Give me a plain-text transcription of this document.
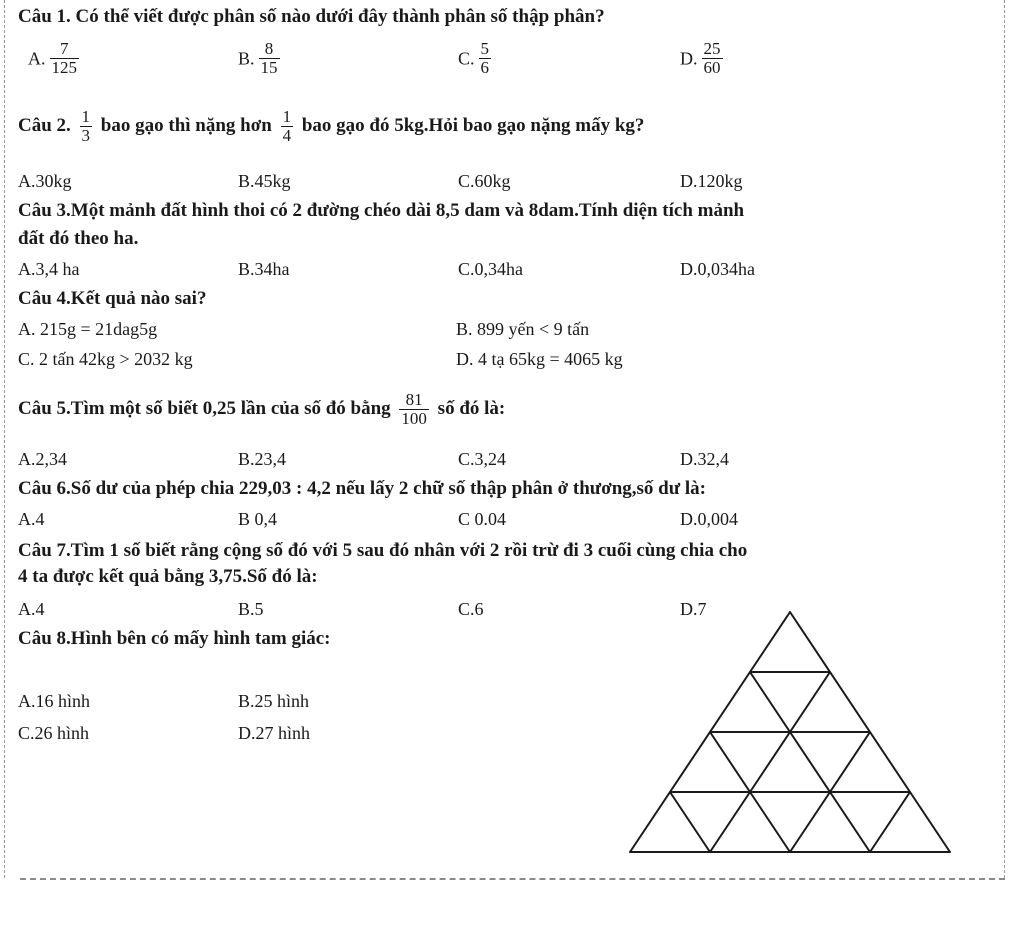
Câu 1. Có thể viết được phân số nào dưới đây thành phân số thập phân?
A. $\frac{7}{125}$	B. $\frac{8}{15}$	C. $\frac{5}{6}$	D. $\frac{25}{60}$
Câu 2. $\frac{1}{3}$ bao gạo thì nặng hơn $\frac{1}{4}$ bao gạo đó 5kg.Hỏi bao gạo nặng mấy kg?
A.30kg	B.45kg	C.60kg	D.120kg
Câu 3.Một mảnh đất hình thoi có 2 đường chéo dài 8,5 dam và 8dam.Tính diện tích mảnh
đất đó theo ha.
A.3,4 ha	B.34ha	C.0,34ha	D.0,034ha
Câu 4.Kết quả nào sai?
A. 215g = 21dag5g	B. 899 yến < 9 tấn
C. 2 tấn 42kg > 2032 kg	D. 4 tạ 65kg = 4065 kg
Câu 5.Tìm một số biết 0,25 lần của số đó bằng $\frac{81}{100}$ số đó là:
A.2,34	B.23,4	C.3,24	D.32,4
Câu 6.Số dư của phép chia 229,03 : 4,2 nếu lấy 2 chữ số thập phân ở thương,số dư là:
A.4	B 0,4	C 0.04	D.0,004
Câu 7.Tìm 1 số biết rằng cộng số đó với 5 sau đó nhân với 2 rồi trừ đi 3 cuối cùng chia cho
4 ta được kết quả bằng 3,75.Số đó là:
A.4	B.5	C.6	D.7
Câu 8.Hình bên có mấy hình tam giác:
A.16 hình	B.25 hình
C.26 hình	D.27 hình
